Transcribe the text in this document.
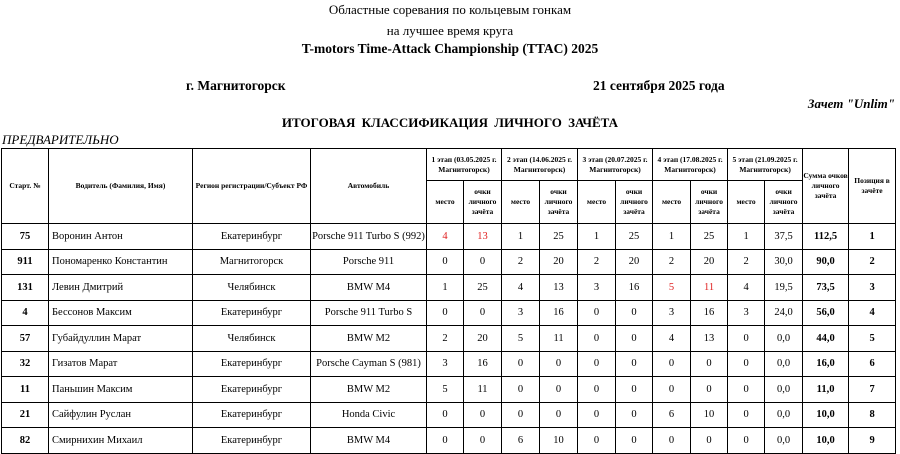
Областные соревания по кольцевым гонкам
на лучшее время круга
T-motors Time-Attack Championship (TTAC) 2025
г. Магнитогорск	21 сентября 2025 года
Зачет "Unlim"
ИТОГОВАЯ КЛАССИФИКАЦИЯ ЛИЧНОГО ЗАЧЁТА
ПРЕДВАРИТЕЛЬНО
Старт. №	Водитель (Фамилия, Имя)	Регион регистрации/Субъект РФ	Автомобиль	1 этап (03.05.2025 г. Магнитогорск)		2 этап (14.06.2025 г. Магнитогорск)		3 этап (20.07.2025 г. Магнитогорск)		4 этап (17.08.2025 г. Магнитогорск)		5 этап (21.09.2025 г. Магнитогорск)		Сумма очков личного зачёта	Позиция в зачёте

				место	очки личного зачёта	место	очки личного зачёта	место	очки личного зачёта	место	очки личного зачёта	место	очки личного зачёта		

75	Воронин Антон	Екатеринбург	Porsche 911 Turbo S (992)	4	13	1	25	1	25	1	25	1	37,5	112,5	1
911	Пономаренко Константин	Магнитогорск	Porsche 911	0	0	2	20	2	20	2	20	2	30,0	90,0	2
131	Левин Дмитрий	Челябинск	BMW M4	1	25	4	13	3	16	5	11	4	19,5	73,5	3
4	Бессонов Максим	Екатеринбург	Porsche 911 Turbo S	0	0	3	16	0	0	3	16	3	24,0	56,0	4
57	Губайдуллин Марат	Челябинск	BMW M2	2	20	5	11	0	0	4	13	0	0,0	44,0	5
32	Гизатов Марат	Екатеринбург	Porsche Cayman S (981)	3	16	0	0	0	0	0	0	0	0,0	16,0	6
11	Паньшин Максим	Екатеринбург	BMW M2	5	11	0	0	0	0	0	0	0	0,0	11,0	7
21	Сайфулин Руслан	Екатеринбург	Honda Civic	0	0	0	0	0	0	6	10	0	0,0	10,0	8
82	Смирнихин Михаил	Екатеринбург	BMW M4	0	0	6	10	0	0	0	0	0	0,0	10,0	9
